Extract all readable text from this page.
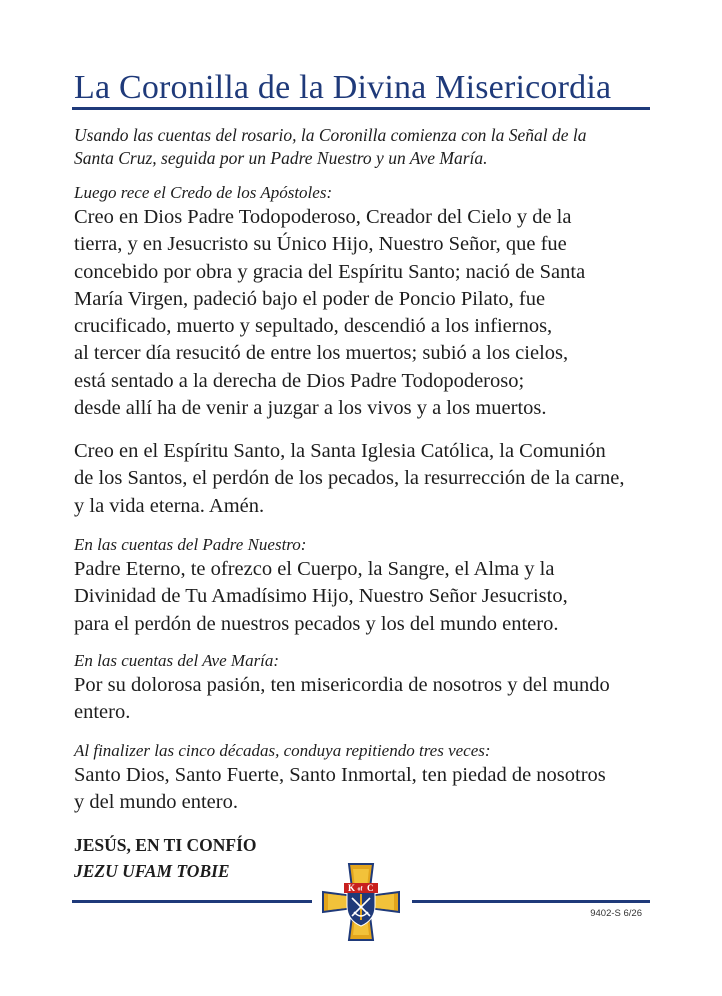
La Coronilla de la Divina Misericordia
Usando las cuentas del rosario, la Coronilla comienza con la Señal de la
Santa Cruz, seguida por un Padre Nuestro y un Ave María.
Luego rece el Credo de los Apóstoles:
Creo en Dios Padre Todopoderoso, Creador del Cielo y de la
tierra, y en Jesucristo su Único Hijo, Nuestro Señor, que fue
concebido por obra y gracia del Espíritu Santo; nació de Santa
María Virgen, padeció bajo el poder de Poncio Pilato, fue
crucificado, muerto y sepultado, descendió a los infiernos,
al tercer día resucitó de entre los muertos; subió a los cielos,
está sentado a la derecha de Dios Padre Todopoderoso;
desde allí ha de venir a juzgar a los vivos y a los muertos.
Creo en el Espíritu Santo, la Santa Iglesia Católica, la Comunión
de los Santos, el perdón de los pecados, la resurrección de la carne,
y la vida eterna. Amén.
En las cuentas del Padre Nuestro:
Padre Eterno, te ofrezco el Cuerpo, la Sangre, el Alma y la
Divinidad de Tu Amadísimo Hijo, Nuestro Señor Jesucristo,
para el perdón de nuestros pecados y los del mundo entero.
En las cuentas del Ave María:
Por su dolorosa pasión, ten misericordia de nosotros y del mundo
entero.
Al finalizer las cinco décadas, conduya repitiendo tres veces:
Santo Dios, Santo Fuerte, Santo Inmortal, ten piedad de nosotros
y del mundo entero.
JESÚS, EN TI CONFÍO
JEZU UFAM TOBIE
K of C
9402-S 6/26
